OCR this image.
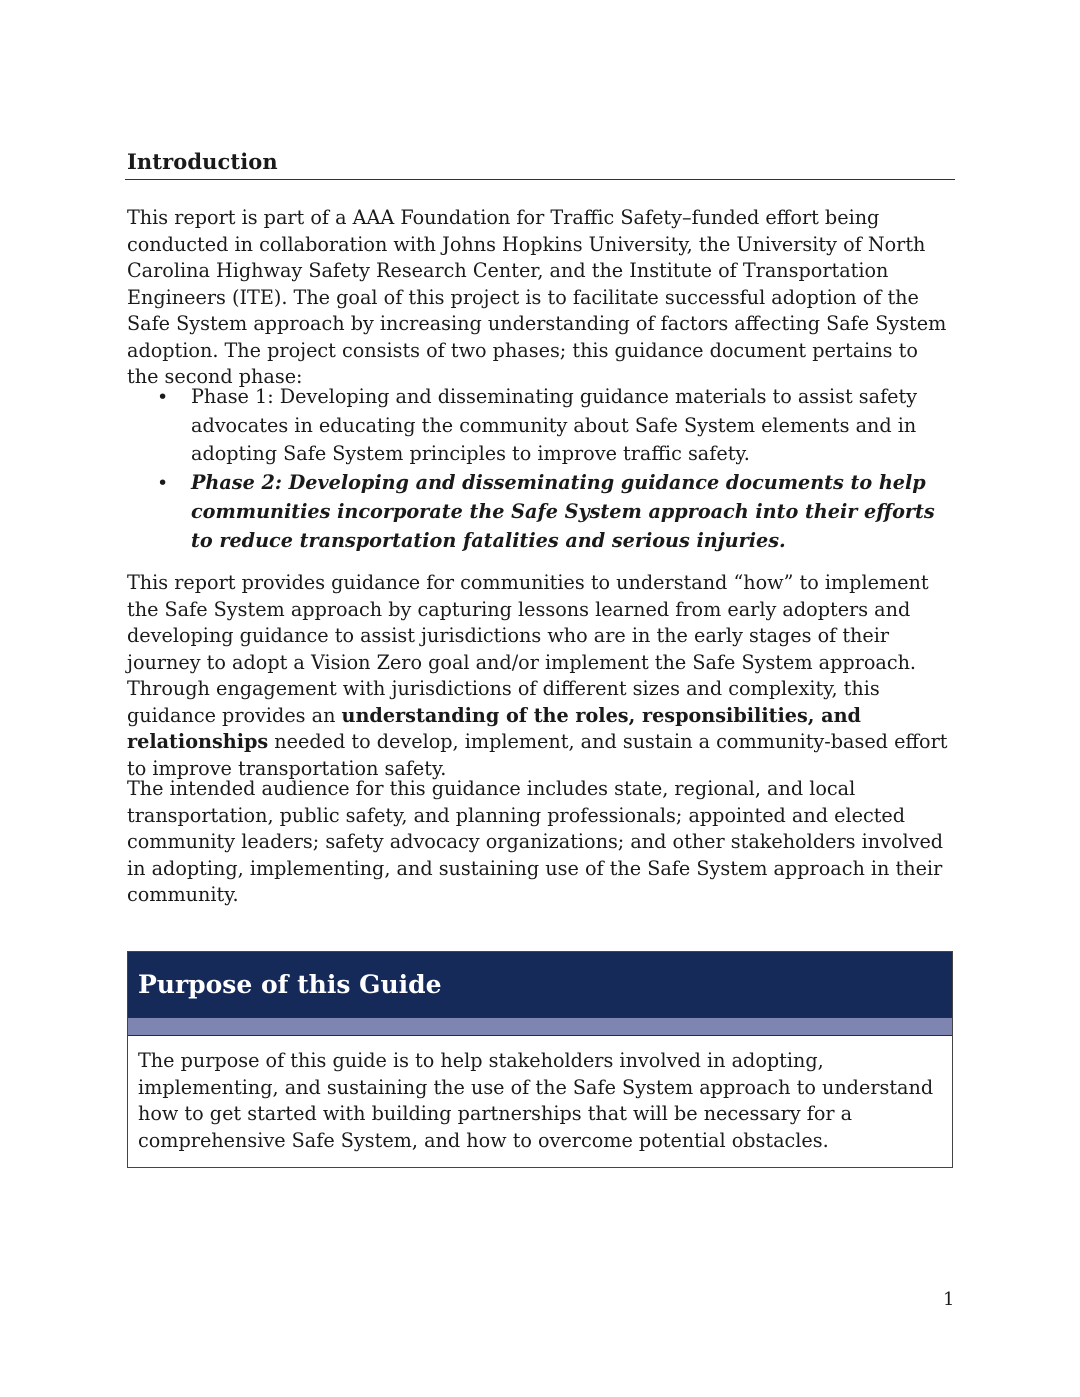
Introduction

This report is part of a AAA Foundation for Traffic Safety–funded effort being conducted in collaboration with Johns Hopkins University, the University of North Carolina Highway Safety Research Center, and the Institute of Transportation Engineers (ITE). The goal of this project is to facilitate successful adoption of the Safe System approach by increasing understanding of factors affecting Safe System adoption. The project consists of two phases; this guidance document pertains to the second phase:

• Phase 1: Developing and disseminating guidance materials to assist safety advocates in educating the community about Safe System elements and in adopting Safe System principles to improve traffic safety.
• Phase 2: Developing and disseminating guidance documents to help communities incorporate the Safe System approach into their efforts to reduce transportation fatalities and serious injuries.

This report provides guidance for communities to understand “how” to implement the Safe System approach by capturing lessons learned from early adopters and developing guidance to assist jurisdictions who are in the early stages of their journey to adopt a Vision Zero goal and/or implement the Safe System approach. Through engagement with jurisdictions of different sizes and complexity, this guidance provides an understanding of the roles, responsibilities, and relationships needed to develop, implement, and sustain a community-based effort to improve transportation safety.

The intended audience for this guidance includes state, regional, and local transportation, public safety, and planning professionals; appointed and elected community leaders; safety advocacy organizations; and other stakeholders involved in adopting, implementing, and sustaining use of the Safe System approach in their community.

Purpose of this Guide
The purpose of this guide is to help stakeholders involved in adopting, implementing, and sustaining the use of the Safe System approach to understand how to get started with building partnerships that will be necessary for a comprehensive Safe System, and how to overcome potential obstacles.
1
